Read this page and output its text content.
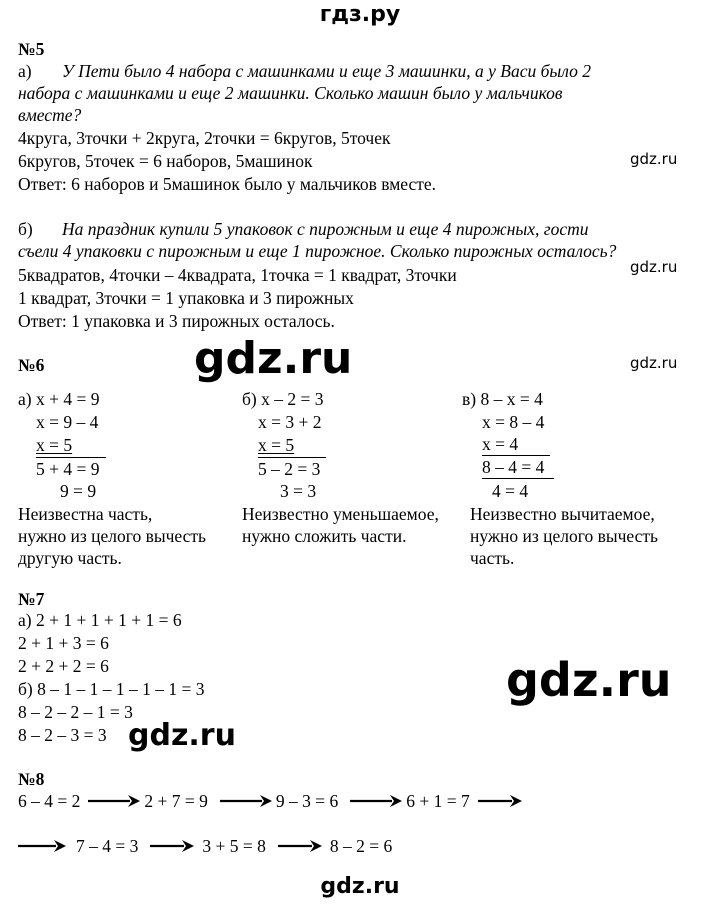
гдз.ру
№5
а) У Пети было 4 набора с машинками и еще 3 машинки, а у Васи было 2
набора с машинками и еще 2 машинки. Сколько машин было у мальчиков
вместе?
4круга, 3точки + 2круга, 2точки = 6кругов, 5точек
6кругов, 5точек = 6 наборов, 5машинок
Ответ: 6 наборов и 5машинок было у мальчиков вместе.
б) На праздник купили 5 упаковок с пирожным и еще 4 пирожных, гости
съели 4 упаковки с пирожным и еще 1 пирожное. Сколько пирожных осталось?
5квадратов, 4точки – 4квадрата, 1точка = 1 квадрат, 3точки
1 квадрат, 3точки = 1 упаковка и 3 пирожных
Ответ: 1 упаковка и 3 пирожных осталось.
№6
а) x + 4 = 9
x = 9 – 4
x = 5
5 + 4 = 9
9 = 9
Неизвестна часть,
нужно из целого вычесть
другую часть.
б) x – 2 = 3
x = 3 + 2
x = 5
5 – 2 = 3
3 = 3
Неизвестно уменьшаемое,
нужно сложить части.
в) 8 – x = 4
x = 8 – 4
x = 4
8 – 4 = 4
4 = 4
Неизвестно вычитаемое,
нужно из целого вычесть
часть.
№7
а) 2 + 1 + 1 + 1 + 1 = 6
2 + 1 + 3 = 6
2 + 2 + 2 = 6
б) 8 – 1 – 1 – 1 – 1 – 1 = 3
8 – 2 – 2 – 1 = 3
8 – 2 – 3 = 3
№8
6 – 4 = 2	2 + 7 = 9	9 – 3 = 6	6 + 1 = 7
7 – 4 = 3	3 + 5 = 8	8 – 2 = 6
gdz.ru
gdz.ru
gdz.ru
gdz.ru
gdz.ru
gdz.ru
gdz.ru
